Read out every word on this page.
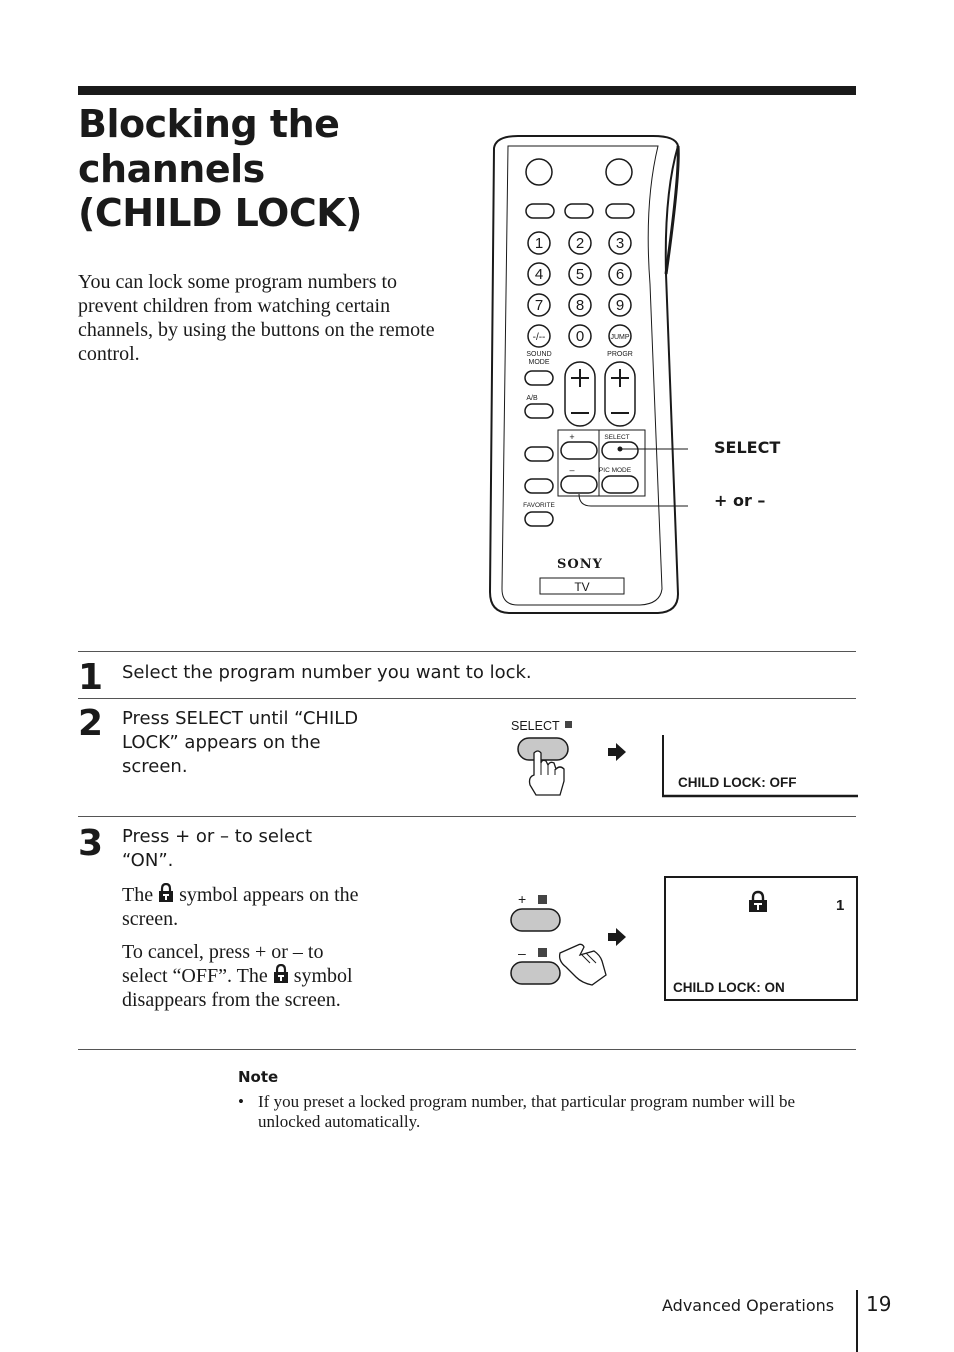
Blocking the
channels
(CHILD LOCK)

You can lock some program numbers to prevent children from watching certain channels, by using the buttons on the remote control.	SOUND
MODE
PROGR
A/B
SELECT
PIC MODE
FAVORITE
1 2 3
4 5 6
7 8 9
0
-/--	JUMP
+
–
SONY
TV
SELECT
+ or –
1 Select the program number you want to lock.
2 Press SELECT until “CHILD LOCK” appears on the screen.
SELECT
CHILD LOCK: OFF
3 Press + or – to select “ON”.
The symbol appears on the screen.
To cancel, press + or – to select “OFF”. The symbol disappears from the screen.
+
–
1
CHILD LOCK: ON
Note
• If you preset a locked program number, that particular program number will be unlocked automatically.
Advanced Operations 19
